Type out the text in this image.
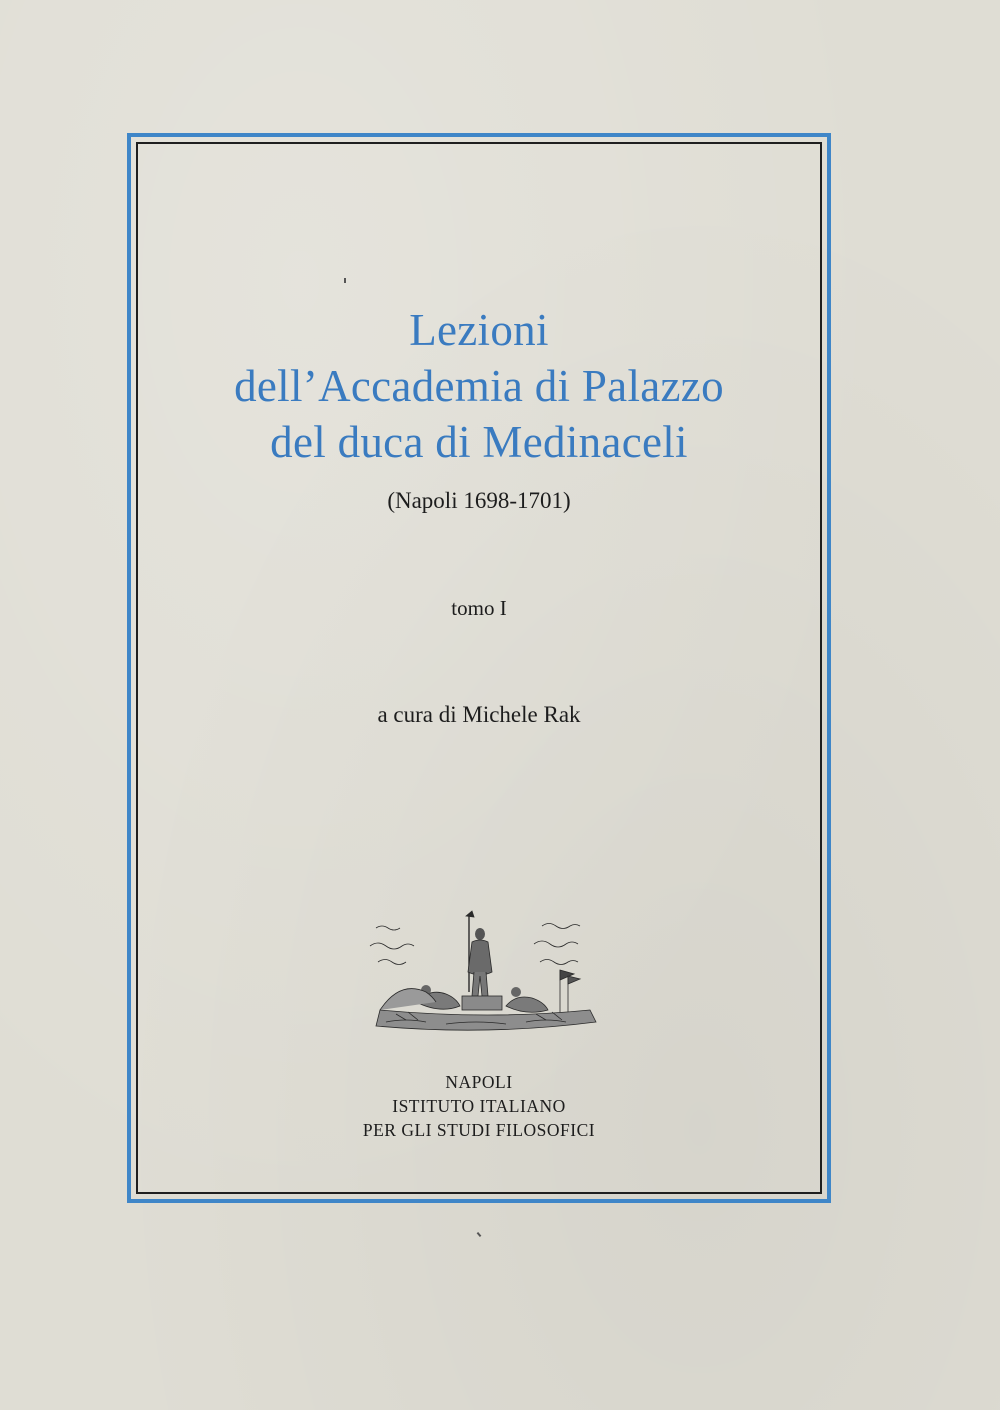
Lezioni
dell’Accademia di Palazzo
del duca di Medinaceli
(Napoli 1698-1701)
tomo I
a cura di Michele Rak
NAPOLI
ISTITUTO ITALIANO
PER GLI STUDI FILOSOFICI
